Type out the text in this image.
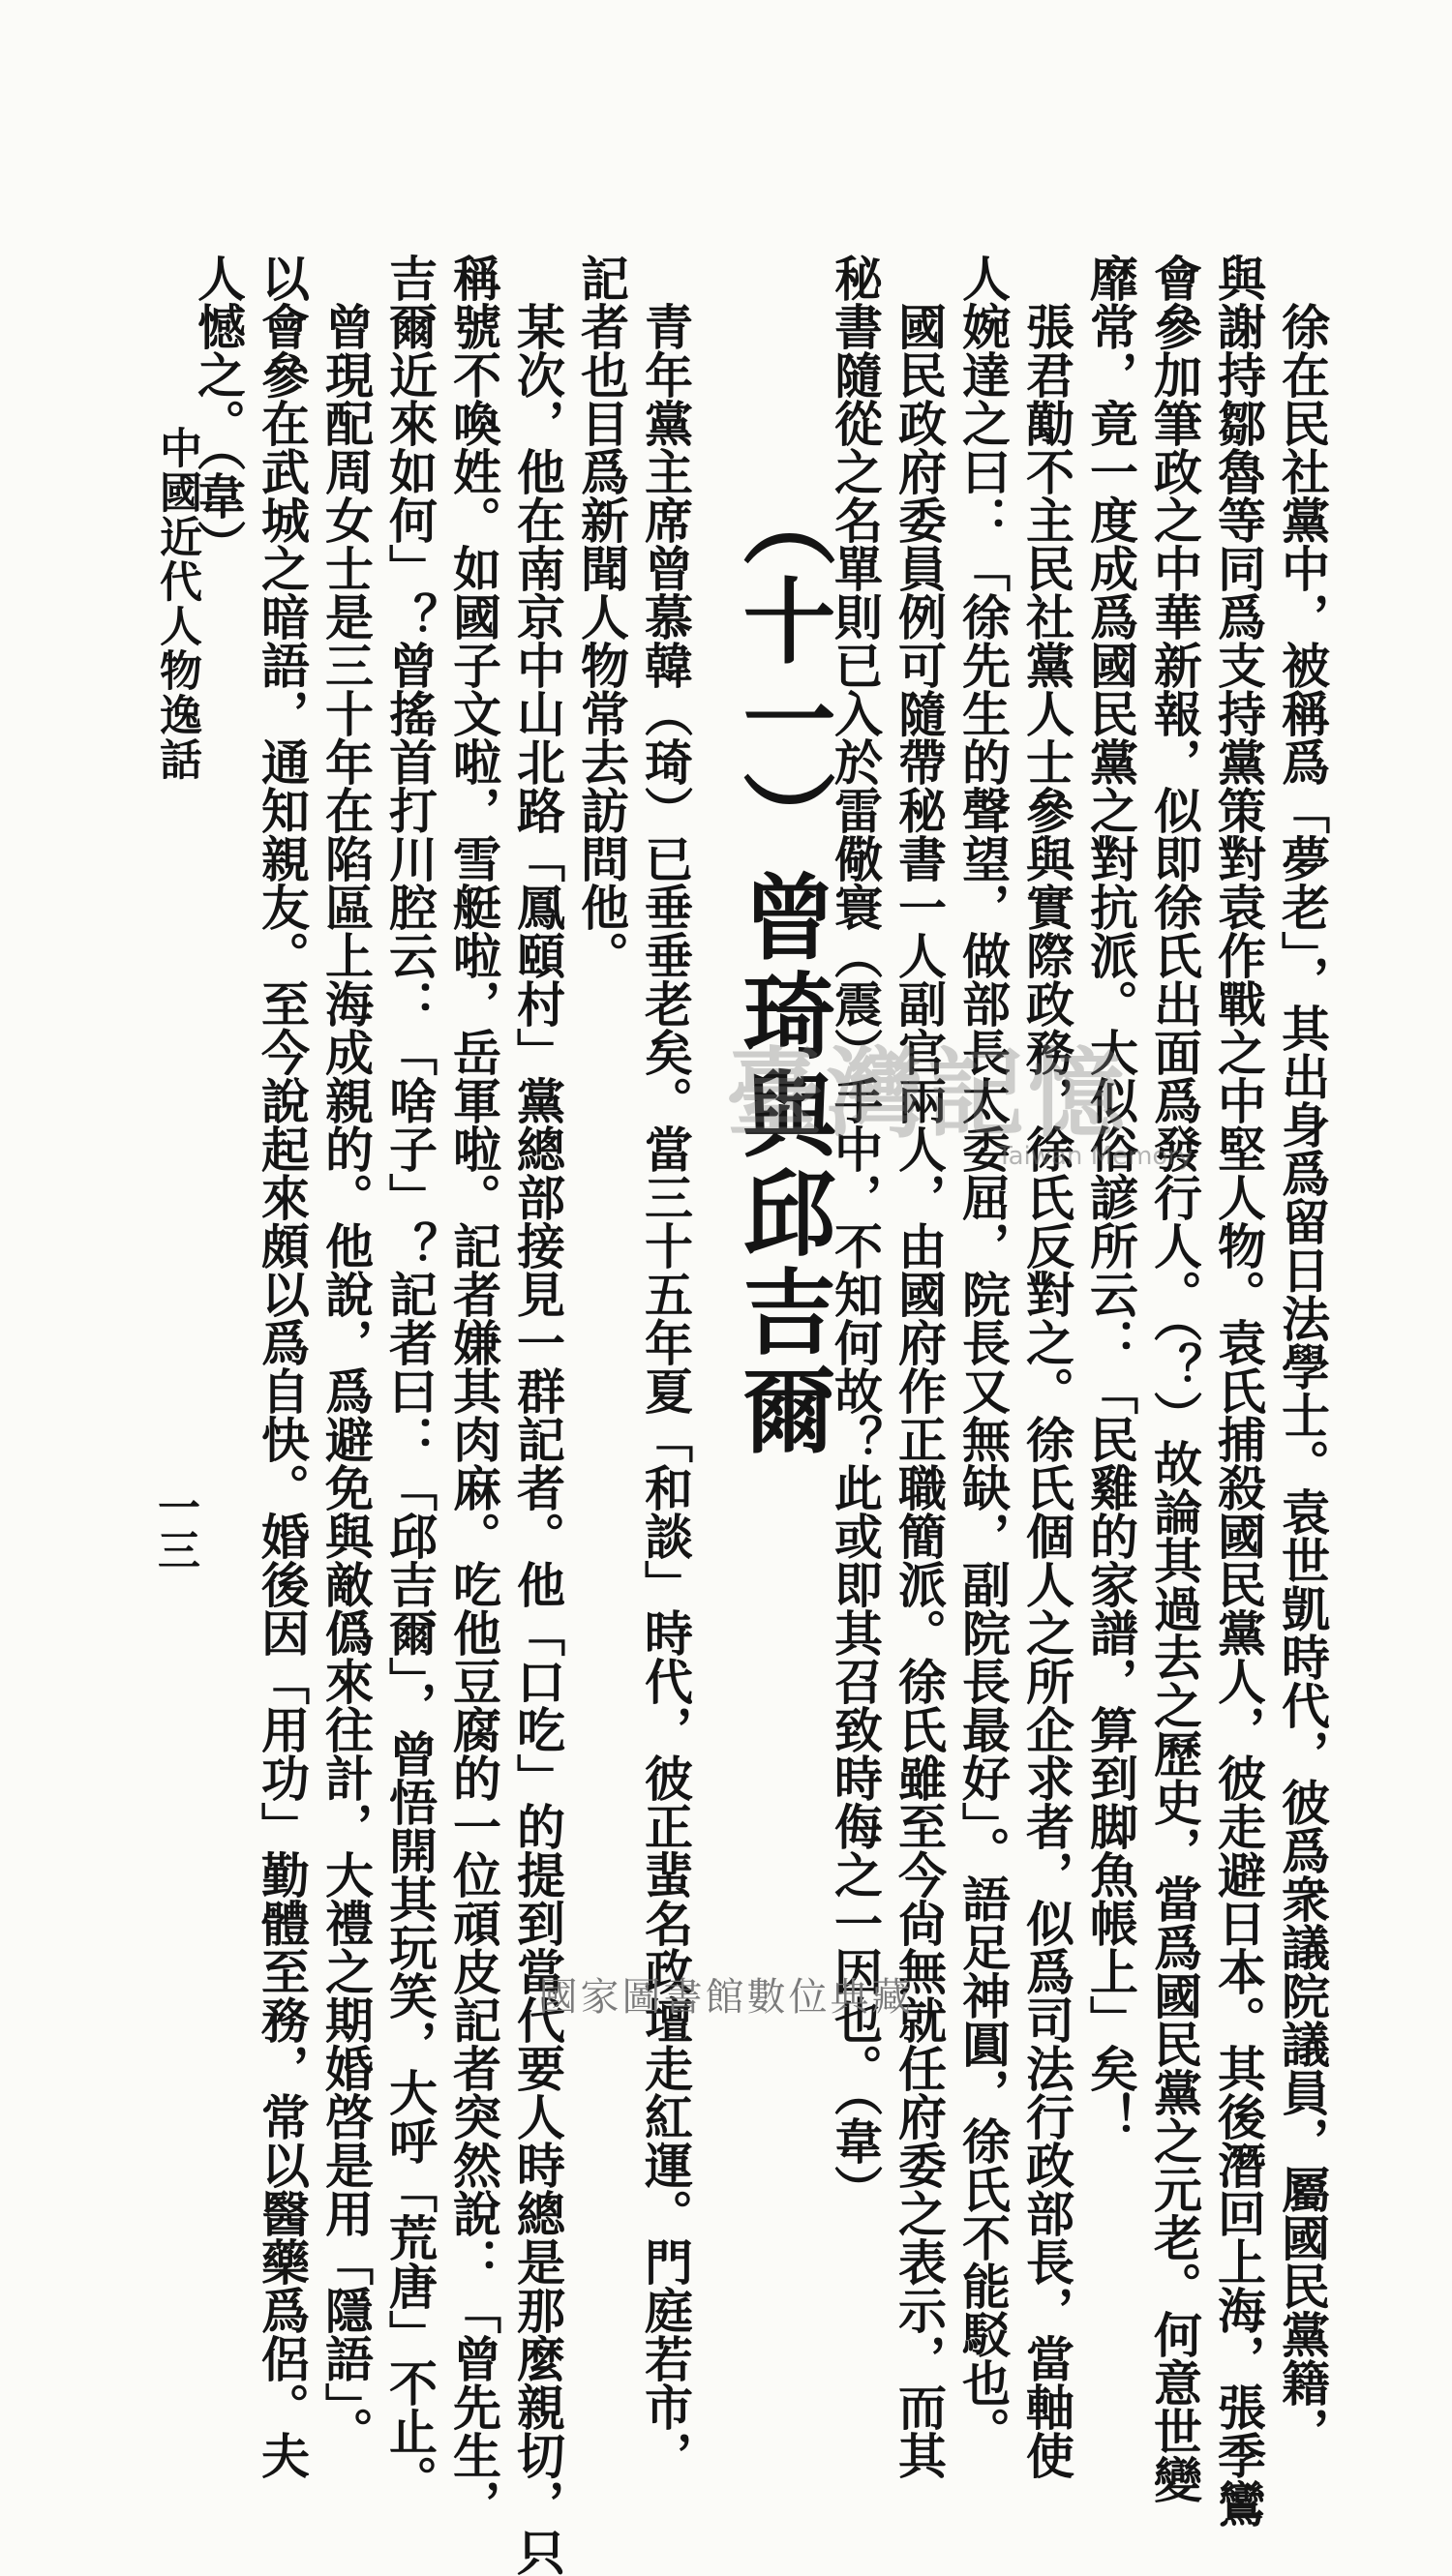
　徐在民社黨中，被稱爲「夢老」，其出身爲留日法學士。袁世凱時代，彼爲衆議院議員，屬國民黨籍，
與謝持鄒魯等同爲支持黨策對袁作戰之中堅人物。袁氏捕殺國民黨人，彼走避日本。其後潛回上海，張季鸞
會參加筆政之中華新報，似即徐氏出面爲發行人。（？）故論其過去之歷史，當爲國民黨之元老。何意世變
靡常，竟一度成爲國民黨之對抗派。大似俗諺所云：「民雞的家譜，算到脚魚帳上」矣！
　張君勱不主民社黨人士參與實際政務，徐氏反對之。徐氏個人之所企求者，似爲司法行政部長，當軸使
人婉達之曰：「徐先生的聲望，做部長太委屈，院長又無缺，副院長最好」。語足神圓，徐氏不能駁也。
　國民政府委員例可隨帶秘書一人副官兩人，由國府作正職簡派。徐氏雖至今尙無就任府委之表示，而其
秘書隨從之名單則已入於雷儆寰（震）手中，不知何故？此或即其召致時侮之一因也。（韋）
（十一）曾琦與邱吉爾
　青年黨主席曾慕韓（琦）已垂垂老矣。當三十五年夏「和談」時代，彼正蜚名政壇走紅運。門庭若市，
記者也目爲新聞人物常去訪問他。
　某次，他在南京中山北路「鳳頤村」黨總部接見一群記者。他「口吃」的提到當代要人時總是那麼親切，只
稱號不喚姓。如國子文啦，雪艇啦，岳軍啦。記者嫌其肉麻。吃他豆腐的一位頑皮記者突然說：「曾先生，
吉爾近來如何」？曾搖首打川腔云：「啥子」？記者曰：「邱吉爾」，曾悟開其玩笑，大呼「荒唐」不止。
　曾現配周女士是三十年在陷區上海成親的。他說，爲避免與敵僞來往計，大禮之期婚啓是用「隱語」。
以會參在武城之暗語，通知親友。至今說起來頗以爲自快。婚後因「用功」勤體至務，常以醫藥爲侶。夫
人憾之。（韋）
中國近代人物逸話
一三
臺灣記憶
Taiwan Memory
國家圖書館數位典藏
